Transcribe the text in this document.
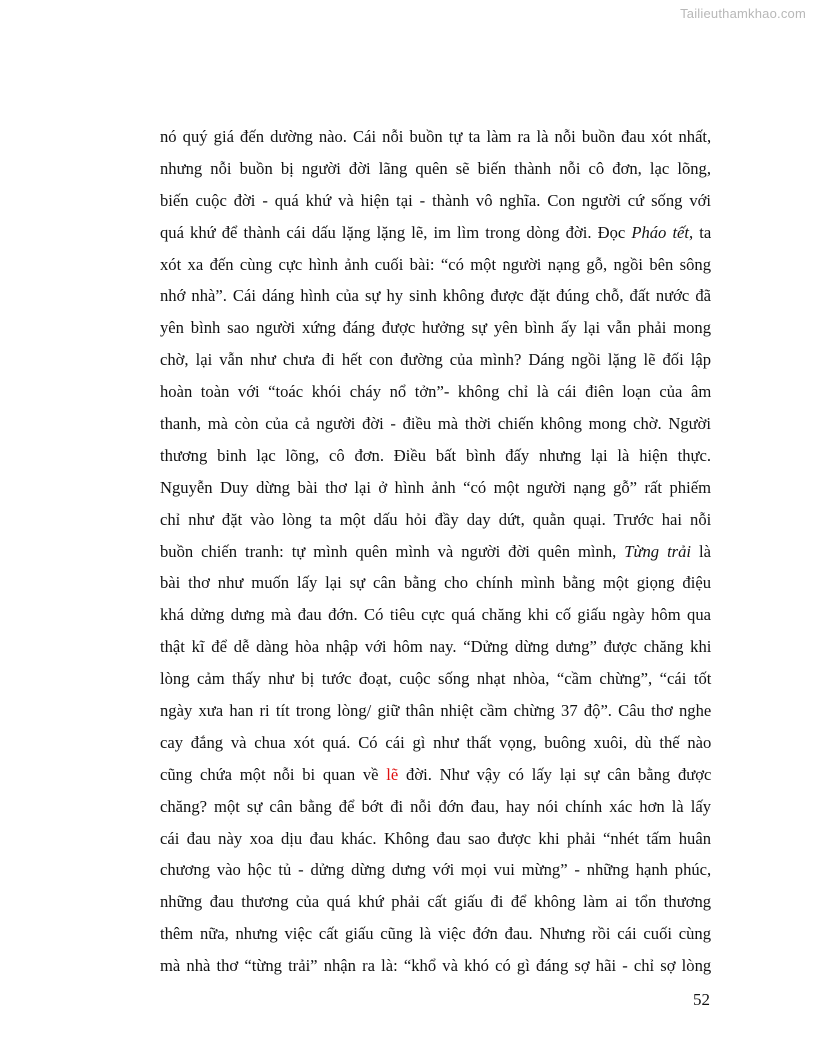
Tailieuthamkhao.com
nó quý giá đến dường nào. Cái nỗi buồn tự ta làm ra là nỗi buồn đau xót nhất,
nhưng nỗi buồn bị người đời lãng quên sẽ biến thành nỗi cô đơn, lạc lõng,
biến cuộc đời - quá khứ và hiện tại - thành vô nghĩa. Con người cứ sống với
quá khứ để thành cái dấu lặng lặng lẽ, im lìm trong dòng đời. Đọc Pháo tết, ta
xót xa đến cùng cực hình ảnh cuối bài: “có một người nạng gỗ, ngồi bên sông
nhớ nhà”. Cái dáng hình của sự hy sinh không được đặt đúng chỗ, đất nước đã
yên bình sao người xứng đáng được hưởng sự yên bình ấy lại vẫn phải mong
chờ, lại vẫn như chưa đi hết con đường của mình? Dáng ngồi lặng lẽ đối lập
hoàn toàn với “toác khói cháy nổ tởn”- không chỉ là cái điên loạn của âm
thanh, mà còn của cả người đời - điều mà thời chiến không mong chờ. Người
thương binh lạc lõng, cô đơn. Điều bất bình đấy nhưng lại là hiện thực.
Nguyễn Duy dừng bài thơ lại ở hình ảnh “có một người nạng gỗ” rất phiếm
chỉ như đặt vào lòng ta một dấu hỏi đầy day dứt, quằn quại. Trước hai nỗi
buồn chiến tranh: tự mình quên mình và người đời quên mình, Từng trải là
bài thơ như muốn lấy lại sự cân bằng cho chính mình bằng một giọng điệu
khá dửng dưng mà đau đớn. Có tiêu cực quá chăng khi cố giấu ngày hôm qua
thật kĩ để dễ dàng hòa nhập với hôm nay. “Dửng dừng dưng” được chăng khi
lòng cảm thấy như bị tước đoạt, cuộc sống nhạt nhòa, “cầm chừng”, “cái tốt
ngày xưa han ri tít trong lòng/ giữ thân nhiệt cầm chừng 37 độ”. Câu thơ nghe
cay đắng và chua xót quá. Có cái gì như thất vọng, buông xuôi, dù thế nào
cũng chứa một nỗi bi quan về lẽ đời. Như vậy có lấy lại sự cân bằng được
chăng? một sự cân bằng để bớt đi nỗi đớn đau, hay nói chính xác hơn là lấy
cái đau này xoa dịu đau khác. Không đau sao được khi phải “nhét tấm huân
chương vào hộc tủ - dửng dừng dưng với mọi vui mừng” - những hạnh phúc,
những đau thương của quá khứ phải cất giấu đi để không làm ai tổn thương
thêm nữa, nhưng việc cất giấu cũng là việc đớn đau. Nhưng rồi cái cuối cùng
mà nhà thơ “từng trải” nhận ra là: “khổ và khó có gì đáng sợ hãi - chỉ sợ lòng
52
